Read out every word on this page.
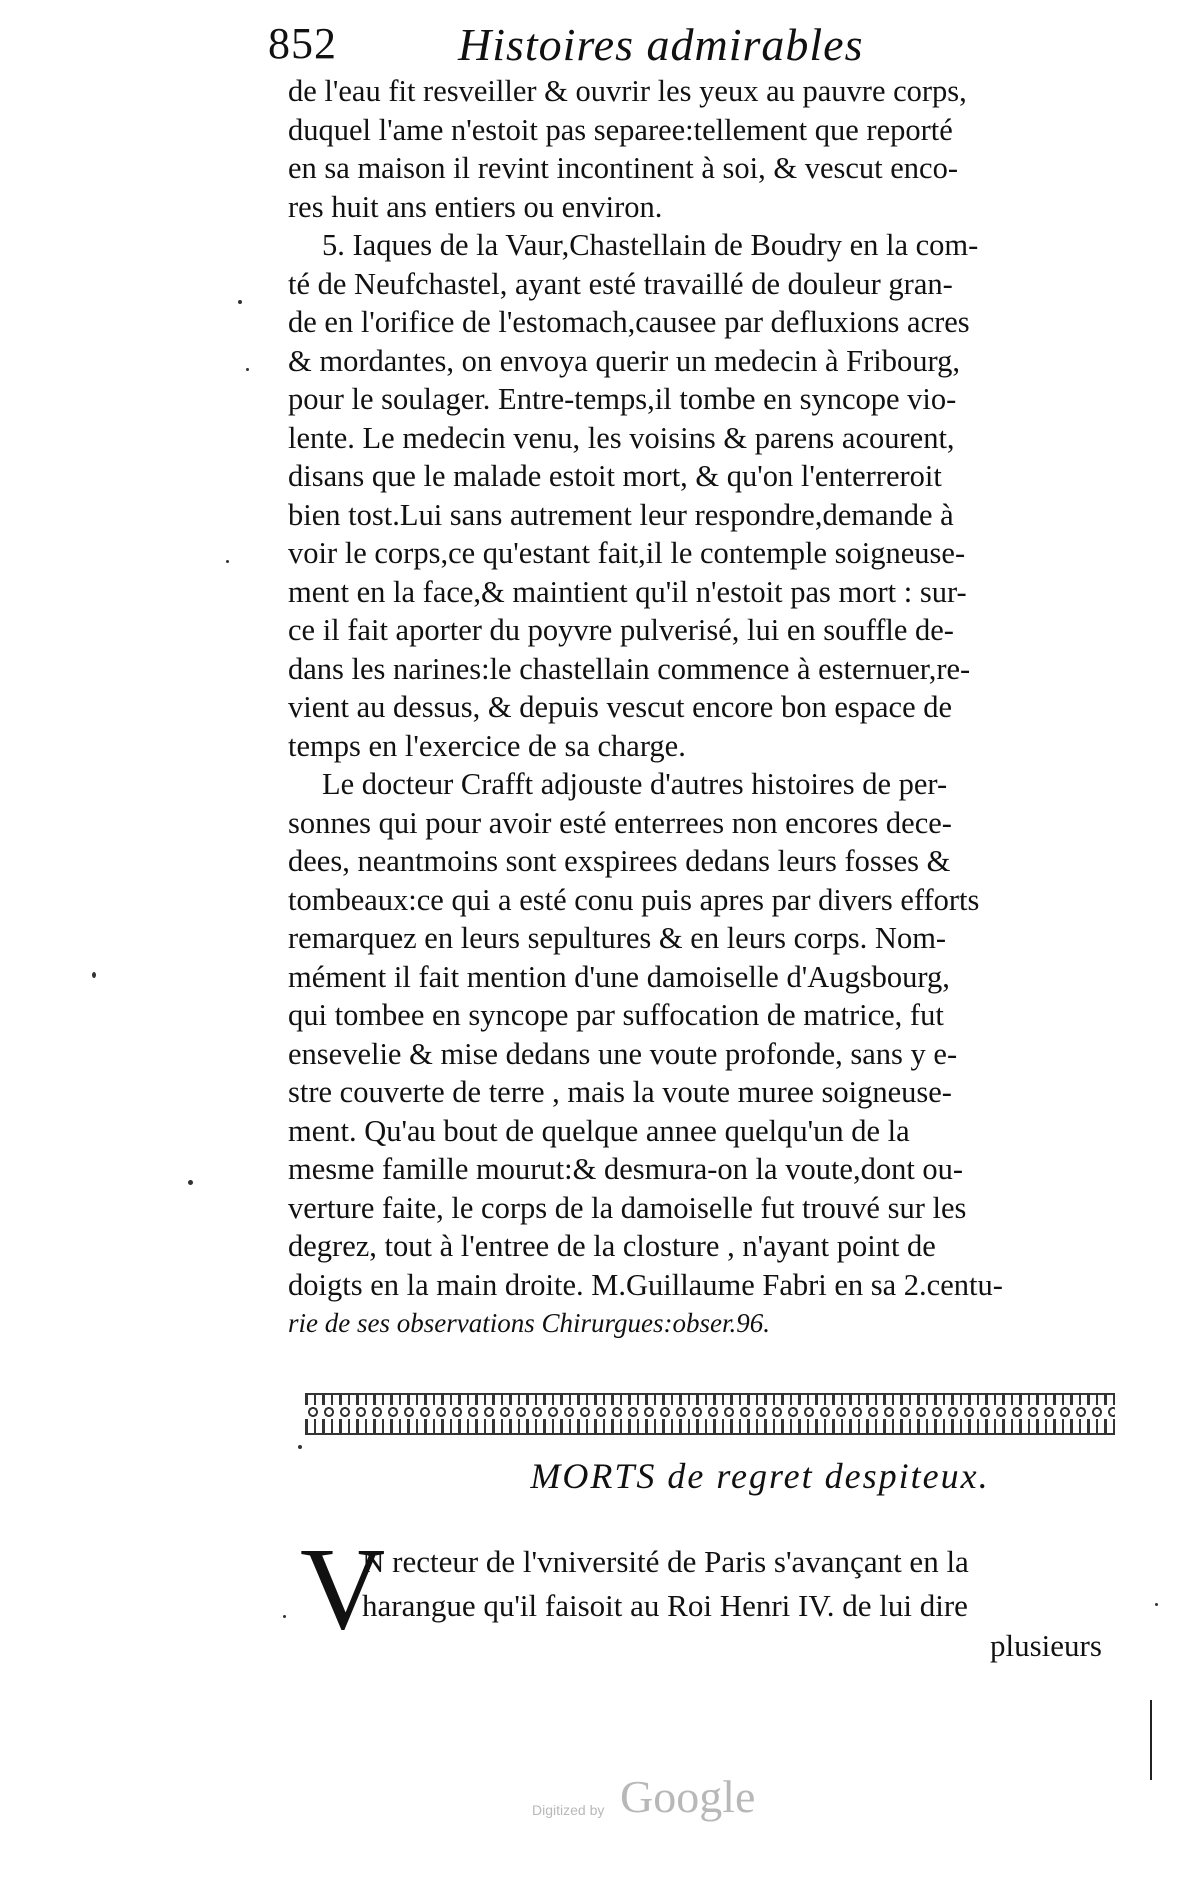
852	Histoires admirables
de l'eau fit resveiller & ouvrir les yeux au pauvre corps,
duquel l'ame n'estoit pas separee:tellement que reporté
en sa maison il revint incontinent à soi, & vescut enco-
res huit ans entiers ou environ.
5. Iaques de la Vaur,Chastellain de Boudry en la com-
té de Neufchastel, ayant esté travaillé de douleur gran-
de en l'orifice de l'estomach,causee par defluxions acres
& mordantes, on envoya querir un medecin à Fribourg,
pour le soulager. Entre-temps,il tombe en syncope vio-
lente. Le medecin venu, les voisins & parens acourent,
disans que le malade estoit mort, & qu'on l'enterreroit
bien tost.Lui sans autrement leur respondre,demande à
voir le corps,ce qu'estant fait,il le contemple soigneuse-
ment en la face,& maintient qu'il n'estoit pas mort : sur-
ce il fait aporter du poyvre pulverisé, lui en souffle de-
dans les narines:le chastellain commence à esternuer,re-
vient au dessus, & depuis vescut encore bon espace de
temps en l'exercice de sa charge.
Le docteur Crafft adjouste d'autres histoires de per-
sonnes qui pour avoir esté enterrees non encores dece-
dees, neantmoins sont exspirees dedans leurs fosses &
tombeaux:ce qui a esté conu puis apres par divers efforts
remarquez en leurs sepultures & en leurs corps. Nom-
mément il fait mention d'une damoiselle d'Augsbourg,
qui tombee en syncope par suffocation de matrice, fut
ensevelie & mise dedans une voute profonde, sans y e-
stre couverte de terre , mais la voute muree soigneuse-
ment. Qu'au bout de quelque annee quelqu'un de la
mesme famille mourut:& desmura-on la voute,dont ou-
verture faite, le corps de la damoiselle fut trouvé sur les
degrez, tout à l'entree de la closture , n'ayant point de
doigts en la main droite. M.Guillaume Fabri en sa 2.centu-
rie de ses observations Chirurgues:obser.96.
MORTS de regret despiteux.
V
N recteur de l'vniversité de Paris s'avançant en la
harangue qu'il faisoit au Roi Henri IV. de lui dire
plusieurs
Digitized by Google
